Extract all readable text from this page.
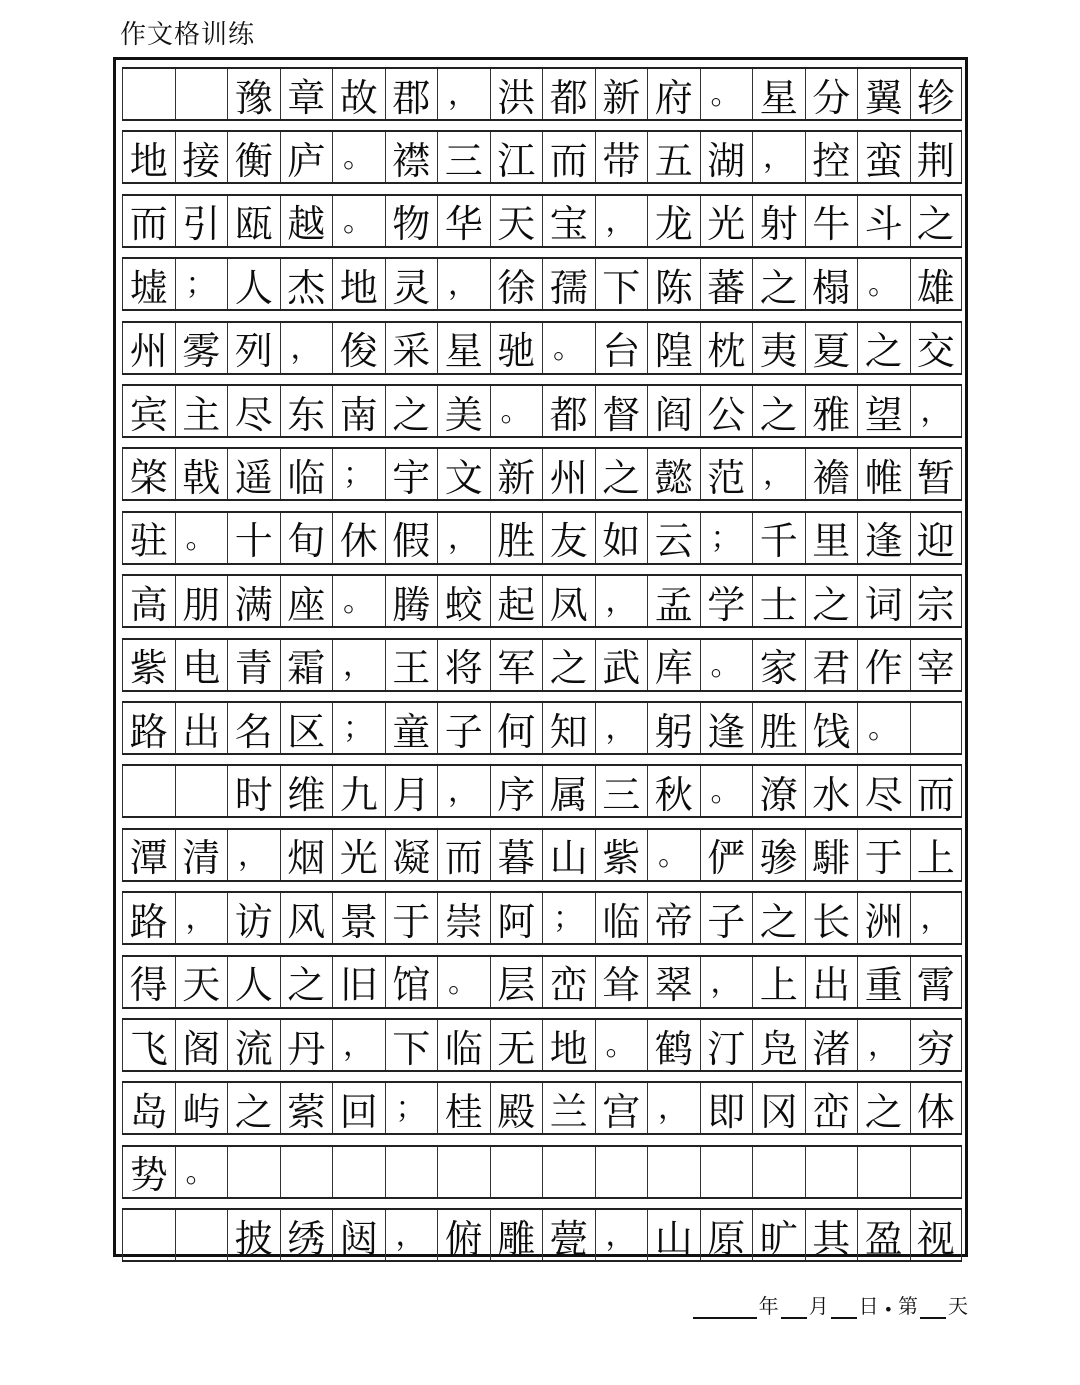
作文格训练
豫 章 故 郡 ， 洪 都 新 府 。 星 分 翼 轸
地 接 衡 庐 。 襟 三 江 而 带 五 湖 ， 控 蛮 荆
而 引 瓯 越 。 物 华 天 宝 ， 龙 光 射 牛 斗 之
墟 ； 人 杰 地 灵 ， 徐 孺 下 陈 蕃 之 榻 。 雄
州 雾 列 ， 俊 采 星 驰 。 台 隍 枕 夷 夏 之 交
宾 主 尽 东 南 之 美 。 都 督 阎 公 之 雅 望 ，
棨 戟 遥 临 ； 宇 文 新 州 之 懿 范 ， 襜 帷 暂
驻 。 十 旬 休 假 ， 胜 友 如 云 ； 千 里 逢 迎
高 朋 满 座 。 腾 蛟 起 凤 ， 孟 学 士 之 词 宗
紫 电 青 霜 ， 王 将 军 之 武 库 。 家 君 作 宰
路 出 名 区 ； 童 子 何 知 ， 躬 逢 胜 饯 。
时 维 九 月 ， 序 属 三 秋 。 潦 水 尽 而
潭 清 ， 烟 光 凝 而 暮 山 紫 。 俨 骖 騑 于 上
路 ， 访 风 景 于 崇 阿 ； 临 帝 子 之 长 洲 ，
得 天 人 之 旧 馆 。 层 峦 耸 翠 ， 上 出 重 霄
飞 阁 流 丹 ， 下 临 无 地 。 鹤 汀 凫 渚 ， 穷
岛 屿 之 萦 回 ； 桂 殿 兰 宫 ， 即 冈 峦 之 体
势 。
披 绣 闼 ， 俯 雕 甍 ， 山 原 旷 其 盈 视
年 月 日 • 第 天
